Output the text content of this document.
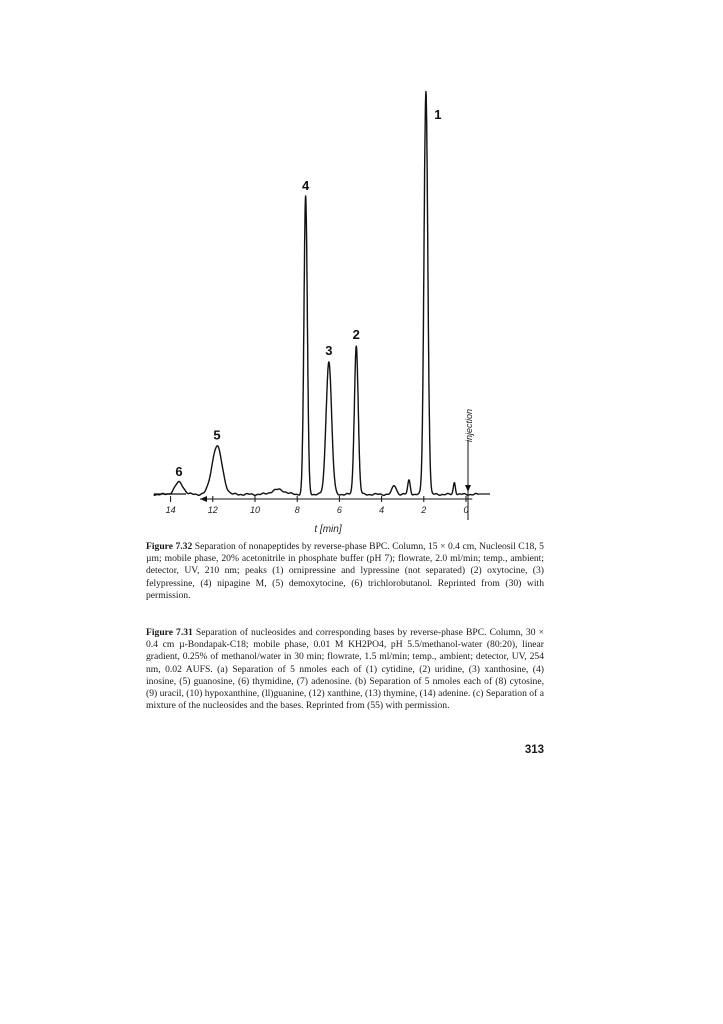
14	12	10	8	6	4	2	0
t [min]
1
2
3
4
5
6
injection

Figure 7.32 Separation of nonapeptides by reverse-phase BPC. Column, 15 × 0.4 cm, Nucleosil C18, 5 µm; mobile phase, 20% acetonitrile in phosphate buffer (pH 7); flowrate, 2.0 ml/min; temp., ambient; detector, UV, 210 nm; peaks (1) ornipressine and lypressine (not separated) (2) oxytocine, (3) felypressine, (4) nipagine M, (5) demoxytocine, (6) trichlorobutanol. Reprinted from (30) with permission.

Figure 7.31 Separation of nucleosides and corresponding bases by reverse-phase BPC. Column, 30 × 0.4 cm µ-Bondapak-C18; mobile phase, 0.01 M KH2PO4, pH 5.5/methanol-water (80:20), linear gradient, 0.25% of methanol/water in 30 min; flowrate, 1.5 ml/min; temp., ambient; detector, UV, 254 nm, 0.02 AUFS. (a) Separation of 5 nmoles each of (1) cytidine, (2) uridine, (3) xanthosine, (4) inosine, (5) guanosine, (6) thymidine, (7) adenosine. (b) Separation of 5 nmoles each of (8) cytosine, (9) uracil, (10) hypoxanthine, (ll)guanine, (12) xanthine, (13) thymine, (14) adenine. (c) Separation of a mixture of the nucleosides and the bases. Reprinted from (55) with permission.

313
